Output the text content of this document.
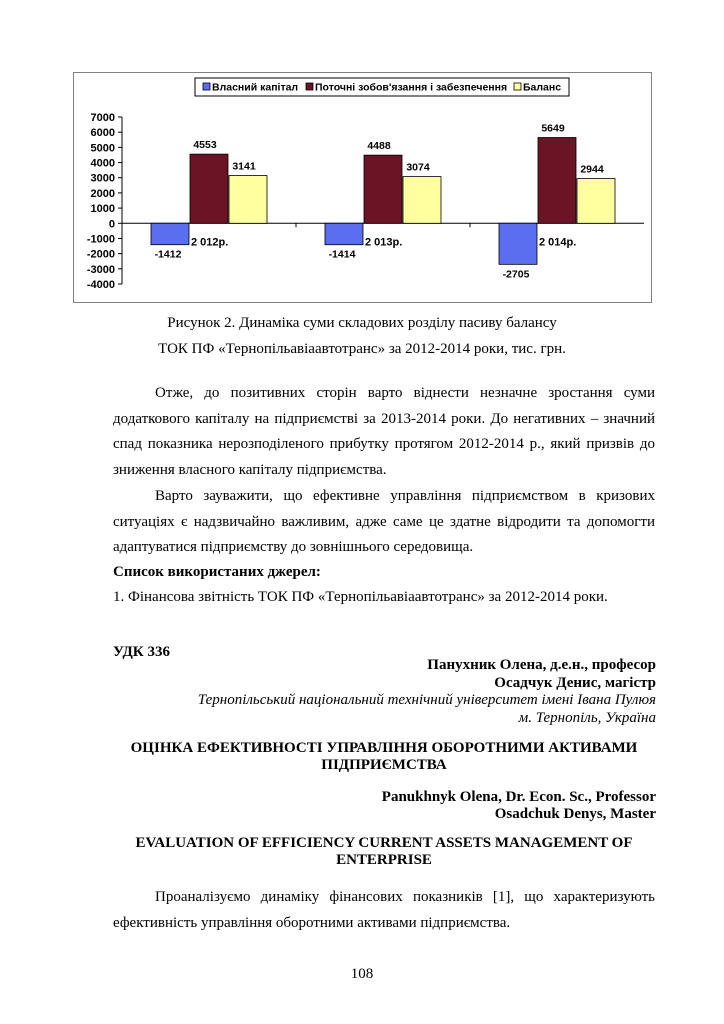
Власний капітал Поточні зобов'язання і забезпечення Баланс
7000
6000
5000
4000
3000
2000
1000
0
-1000
-2000
-3000
-4000
-1412
4553
3141
2 012р.
-1414
4488
3074
2 013р.
-2705
5649
2944
2 014р.
Рисунок 2. Динаміка суми складових розділу пасиву балансу
ТОК ПФ «Тернопільавіаавтотранс» за 2012-2014 роки, тис. грн.

Отже, до позитивних сторін варто віднести незначне зростання суми додаткового капіталу на підприємстві за 2013-2014 роки. До негативних – значний спад показника нерозподіленого прибутку протягом 2012-2014 р., який призвів до зниження власного капіталу підприємства.

Варто зауважити, що ефективне управління підприємством в кризових ситуаціях є надзвичайно важливим, адже саме це здатне відродити та допомогти адаптуватися підприємству до зовнішнього середовища.

Список використаних джерел:
1. Фінансова звітність ТОК ПФ «Тернопільавіаавтотранс» за 2012-2014 роки.
УДК 336
Панухник Олена, д.е.н., професор
Осадчук Денис, магістр
Тернопільський національний технічний університет імені Івана Пулюя
м. Тернопіль, Україна
ОЦІНКА ЕФЕКТИВНОСТІ УПРАВЛІННЯ ОБОРОТНИМИ АКТИВАМИ
ПІДПРИЄМСТВА
Panukhnyk Olena, Dr. Econ. Sc., Professor
Osadchuk Denys, Master
EVALUATION OF EFFICIENCY CURRENT ASSETS MANAGEMENT OF
ENTERPRISE

Проаналізуємо динаміку фінансових показників [1], що характеризують ефективність управління оборотними активами підприємства.

108
